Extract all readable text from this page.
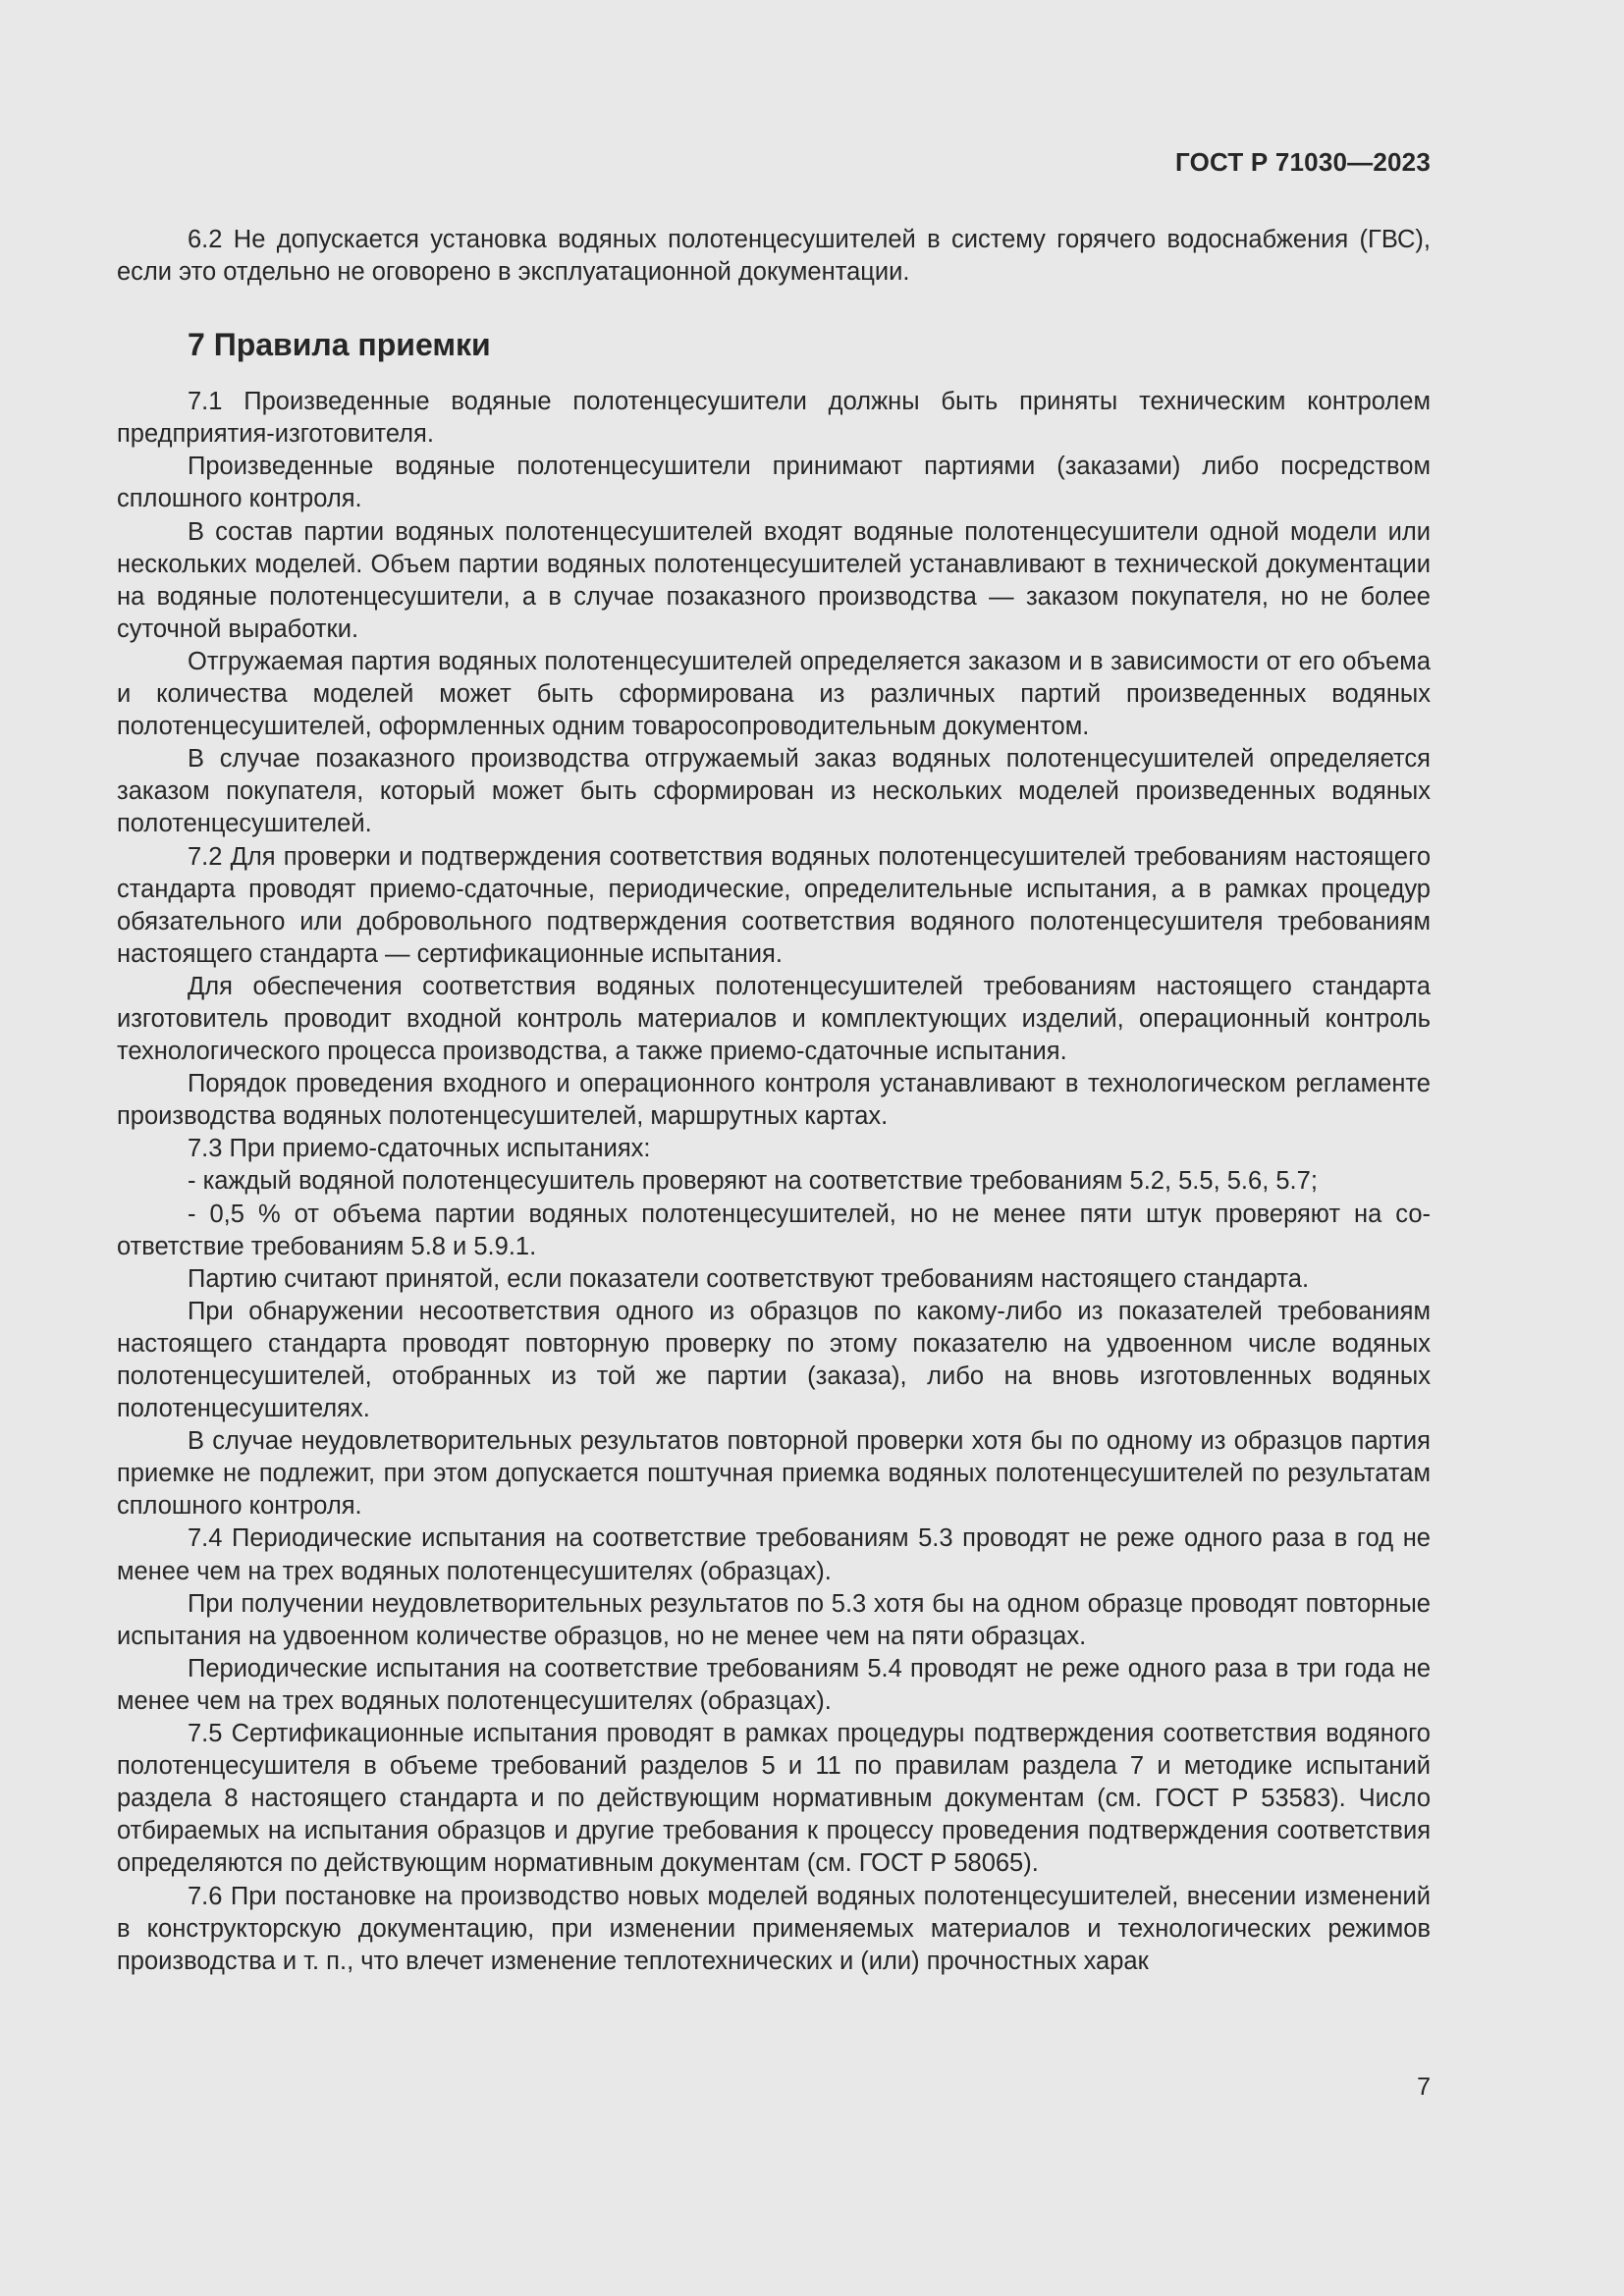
ГОСТ Р 71030—2023

6.2 Не допускается установка водяных полотенцесушителей в систему горячего водоснабжения (ГВС), если это отдельно не оговорено в эксплуатационной документации.

7 Правила приемки

7.1 Произведенные водяные полотенцесушители должны быть приняты техническим контролем предприятия-изготовителя.

Произведенные водяные полотенцесушители принимают партиями (заказами) либо посредством сплошного контроля.

В состав партии водяных полотенцесушителей входят водяные полотенцесушители одной модели или нескольких моделей. Объем партии водяных полотенцесушителей устанавливают в технической документации на водяные полотенцесушители, а в случае позаказного производства — заказом покупателя, но не более суточной выработки.

Отгружаемая партия водяных полотенцесушителей определяется заказом и в зависимости от его объема и количества моделей может быть сформирована из различных партий произведенных водяных полотенцесушителей, оформленных одним товаросопроводительным документом.

В случае позаказного производства отгружаемый заказ водяных полотенцесушителей определяется заказом покупателя, который может быть сформирован из нескольких моделей произведенных водяных полотенцесушителей.

7.2 Для проверки и подтверждения соответствия водяных полотенцесушителей требованиям настоящего стандарта проводят приемо-сдаточные, периодические, определительные испытания, а в рамках процедур обязательного или добровольного подтверждения соответствия водяного полотенцесушителя требованиям настоящего стандарта — сертификационные испытания.

Для обеспечения соответствия водяных полотенцесушителей требованиям настоящего стандарта изготовитель проводит входной контроль материалов и комплектующих изделий, операционный контроль технологического процесса производства, а также приемо-сдаточные испытания.

Порядок проведения входного и операционного контроля устанавливают в технологическом регламенте производства водяных полотенцесушителей, маршрутных картах.

7.3 При приемо-сдаточных испытаниях:

- каждый водяной полотенцесушитель проверяют на соответствие требованиям 5.2, 5.5, 5.6, 5.7;

- 0,5 % от объема партии водяных полотенцесушителей, но не менее пяти штук проверяют на соответствие требованиям 5.8 и 5.9.1.

Партию считают принятой, если показатели соответствуют требованиям настоящего стандарта.

При обнаружении несоответствия одного из образцов по какому-либо из показателей требованиям настоящего стандарта проводят повторную проверку по этому показателю на удвоенном числе водяных полотенцесушителей, отобранных из той же партии (заказа), либо на вновь изготовленных водяных полотенцесушителях.

В случае неудовлетворительных результатов повторной проверки хотя бы по одному из образцов партия приемке не подлежит, при этом допускается поштучная приемка водяных полотенцесушителей по результатам сплошного контроля.

7.4 Периодические испытания на соответствие требованиям 5.3 проводят не реже одного раза в год не менее чем на трех водяных полотенцесушителях (образцах).

При получении неудовлетворительных результатов по 5.3 хотя бы на одном образце проводят повторные испытания на удвоенном количестве образцов, но не менее чем на пяти образцах.

Периодические испытания на соответствие требованиям 5.4 проводят не реже одного раза в три года не менее чем на трех водяных полотенцесушителях (образцах).

7.5 Сертификационные испытания проводят в рамках процедуры подтверждения соответствия водяного полотенцесушителя в объеме требований разделов 5 и 11 по правилам раздела 7 и методике испытаний раздела 8 настоящего стандарта и по действующим нормативным документам (см. ГОСТ Р 53583). Число отбираемых на испытания образцов и другие требования к процессу проведения подтверждения соответствия определяются по действующим нормативным документам (см. ГОСТ Р 58065).

7.6 При постановке на производство новых моделей водяных полотенцесушителей, внесении изменений в конструкторскую документацию, при изменении применяемых материалов и технологических режимов производства и т. п., что влечет изменение теплотехнических и (или) прочностных харак

7
